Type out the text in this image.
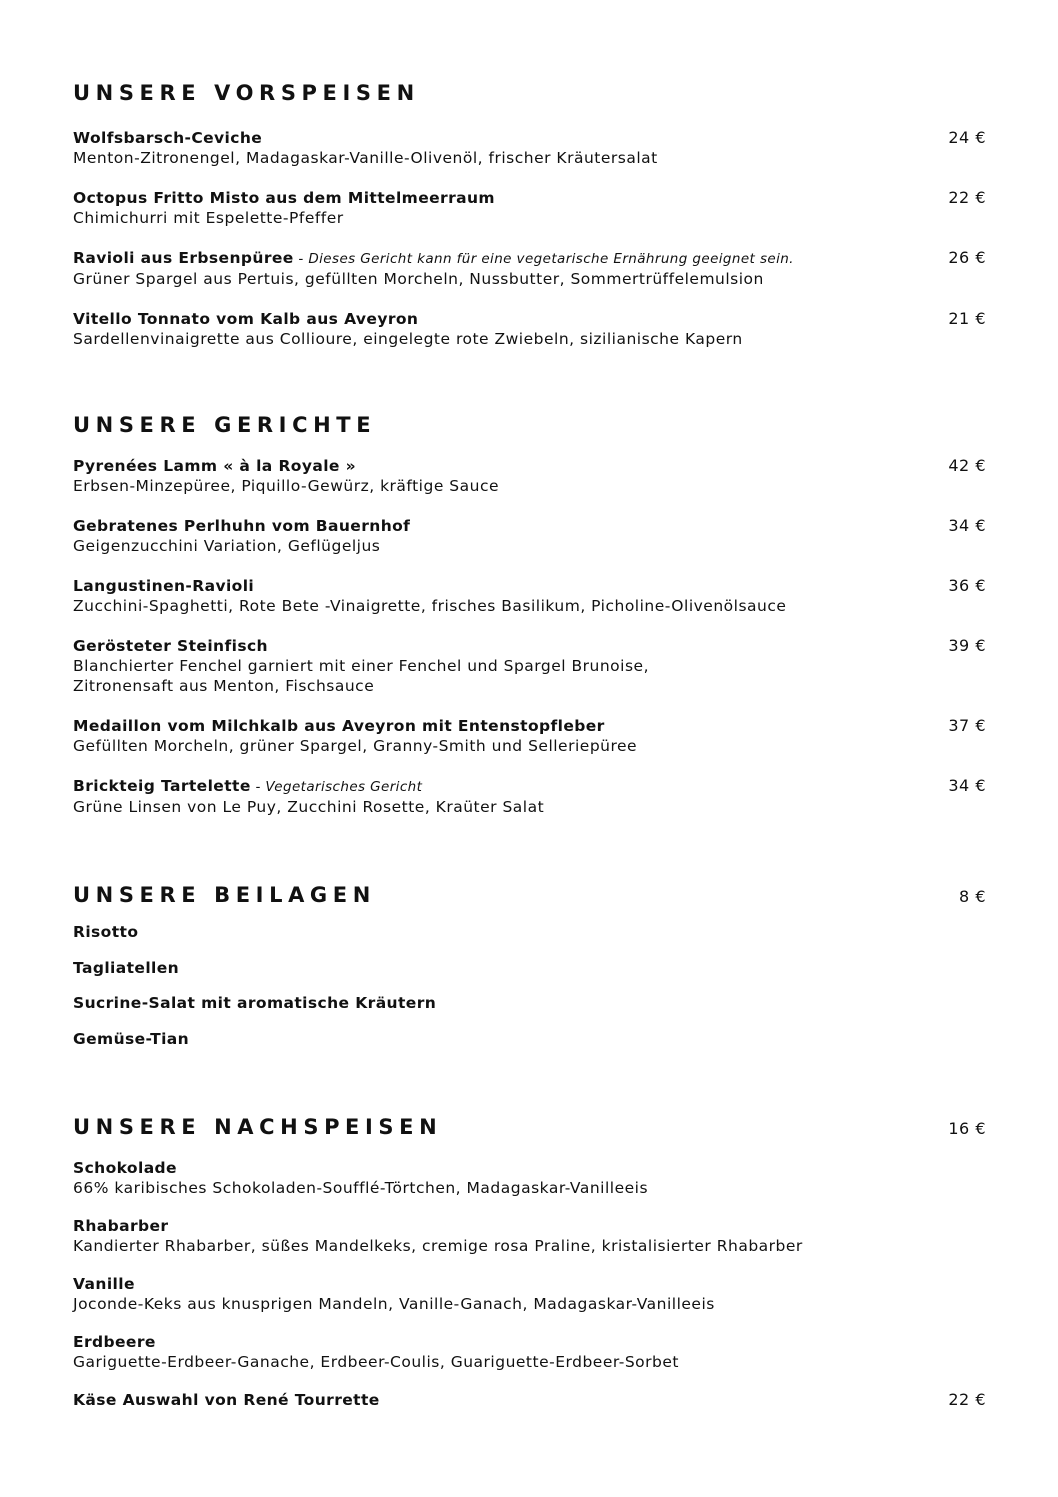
UNSERE VORSPEISEN
Wolfsbarsch-Ceviche
Menton-Zitronengel, Madagaskar-Vanille-Olivenöl, frischer Kräutersalat
24 €
Octopus Fritto Misto aus dem Mittelmeerraum
Chimichurri mit Espelette-Pfeffer
22 €
Ravioli aus Erbsenpüree - Dieses Gericht kann für eine vegetarische Ernährung geeignet sein.
Grüner Spargel aus Pertuis, gefüllten Morcheln, Nussbutter, Sommertrüffelemulsion
26 €
Vitello Tonnato vom Kalb aus Aveyron
Sardellenvinaigrette aus Collioure, eingelegte rote Zwiebeln, sizilianische Kapern
21 €
UNSERE GERICHTE
Pyrenées Lamm « à la Royale »
Erbsen-Minzepüree, Piquillo-Gewürz, kräftige Sauce
42 €
Gebratenes Perlhuhn vom Bauernhof
Geigenzucchini Variation, Geflügeljus
34 €
Langustinen-Ravioli
Zucchini-Spaghetti, Rote Bete -Vinaigrette, frisches Basilikum, Picholine-Olivenölsauce
36 €
Gerösteter Steinfisch
Blanchierter Fenchel garniert mit einer Fenchel und Spargel Brunoise,
Zitronensaft aus Menton, Fischsauce
39 €
Medaillon vom Milchkalb aus Aveyron mit Entenstopfleber
Gefüllten Morcheln, grüner Spargel, Granny-Smith und Selleriepüree
37 €
Brickteig Tartelette - Vegetarisches Gericht
Grüne Linsen von Le Puy, Zucchini Rosette, Kraüter Salat
34 €
UNSERE BEILAGEN	8 €
Risotto
Tagliatellen
Sucrine-Salat mit aromatische Kräutern
Gemüse-Tian
UNSERE NACHSPEISEN	16 €
Schokolade
66% karibisches Schokoladen-Soufflé-Törtchen, Madagaskar-Vanilleeis
Rhabarber
Kandierter Rhabarber, süßes Mandelkeks, cremige rosa Praline, kristalisierter Rhabarber
Vanille
Joconde-Keks aus knusprigen Mandeln, Vanille-Ganach, Madagaskar-Vanilleeis
Erdbeere
Gariguette-Erdbeer-Ganache, Erdbeer-Coulis, Guariguette-Erdbeer-Sorbet
Käse Auswahl von René Tourrette	22 €
